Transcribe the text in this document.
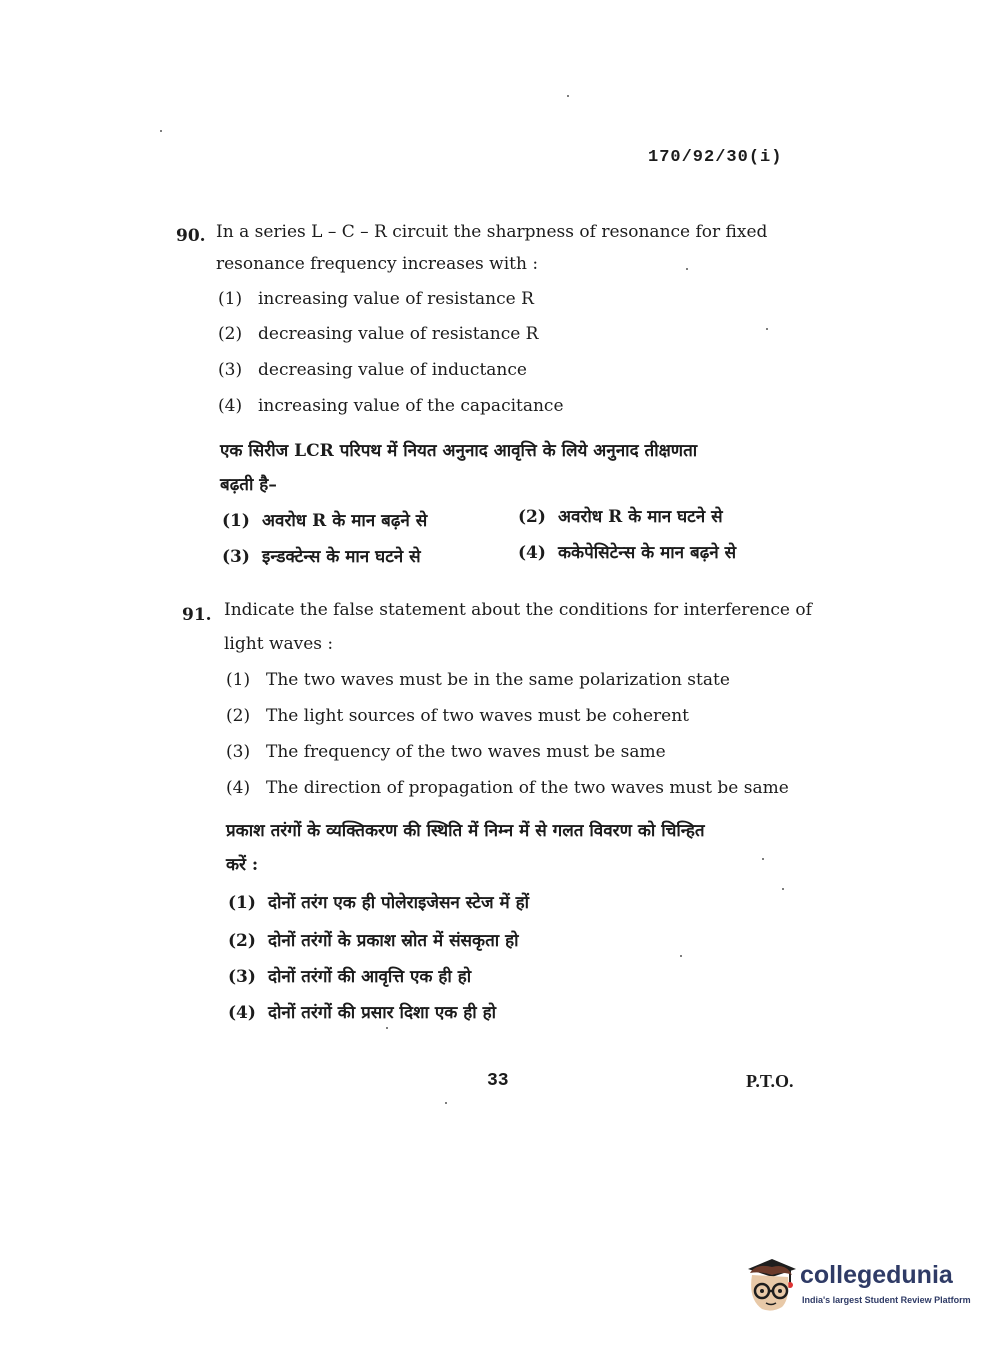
170/92/30(i)
90. In a series L – C – R circuit the sharpness of resonance for fixed
resonance frequency increases with :
(1) increasing value of resistance R
(2) decreasing value of resistance R
(3) decreasing value of inductance
(4) increasing value of the capacitance
एक सिरीज LCR परिपथ में नियत अनुनाद आवृत्ति के लिये अनुनाद तीक्षणता
बढ़ती है–
(1) अवरोध R के मान बढ़ने से	(2) अवरोध R के मान घटने से
(3) इन्डक्टेन्स के मान घटने से	(4) ककेपेसिटेन्स के मान बढ़ने से
91. Indicate the false statement about the conditions for interference of
light waves :
(1) The two waves must be in the same polarization state
(2) The light sources of two waves must be coherent
(3) The frequency of the two waves must be same
(4) The direction of propagation of the two waves must be same
प्रकाश तरंगों के व्यक्तिकरण की स्थिति में निम्न में से गलत विवरण को चिन्हित
करें :
(1) दोनों तरंग एक ही पोलेराइजेसन स्टेज में हों
(2) दोनों तरंगों के प्रकाश स्रोत में संसकृता हो
(3) दोनों तरंगों की आवृत्ति एक ही हो
(4) दोनों तरंगों की प्रसार दिशा एक ही हो
33	P.T.O.
collegedunia
India's largest Student Review Platform
